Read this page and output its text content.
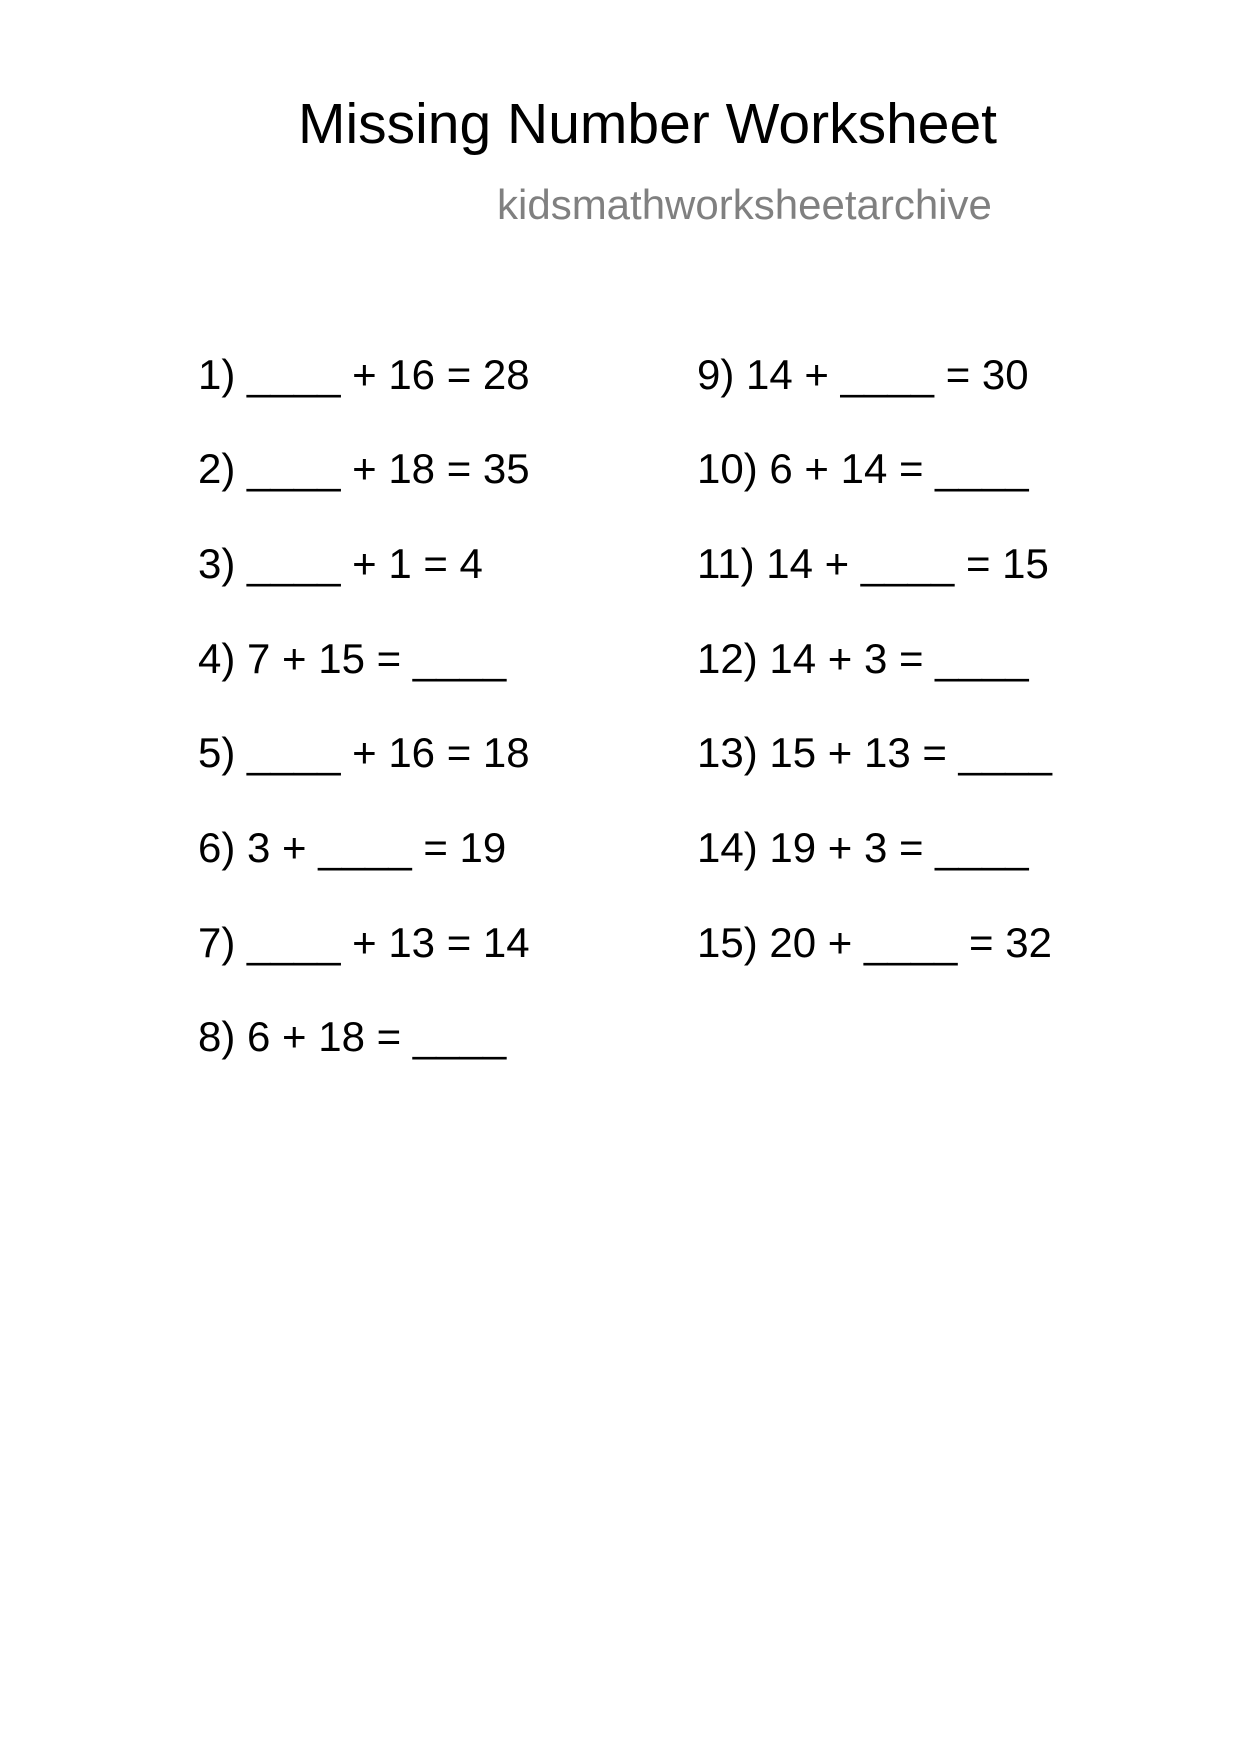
Missing Number Worksheet
kidsmathworksheetarchive
1) ____ + 16 = 28
2) ____ + 18 = 35
3) ____ + 1 = 4
4) 7 + 15 = ____
5) ____ + 16 = 18
6) 3 + ____ = 19
7) ____ + 13 = 14
8) 6 + 18 = ____
9) 14 + ____ = 30
10) 6 + 14 = ____
11) 14 + ____ = 15
12) 14 + 3 = ____
13) 15 + 13 = ____
14) 19 + 3 = ____
15) 20 + ____ = 32
